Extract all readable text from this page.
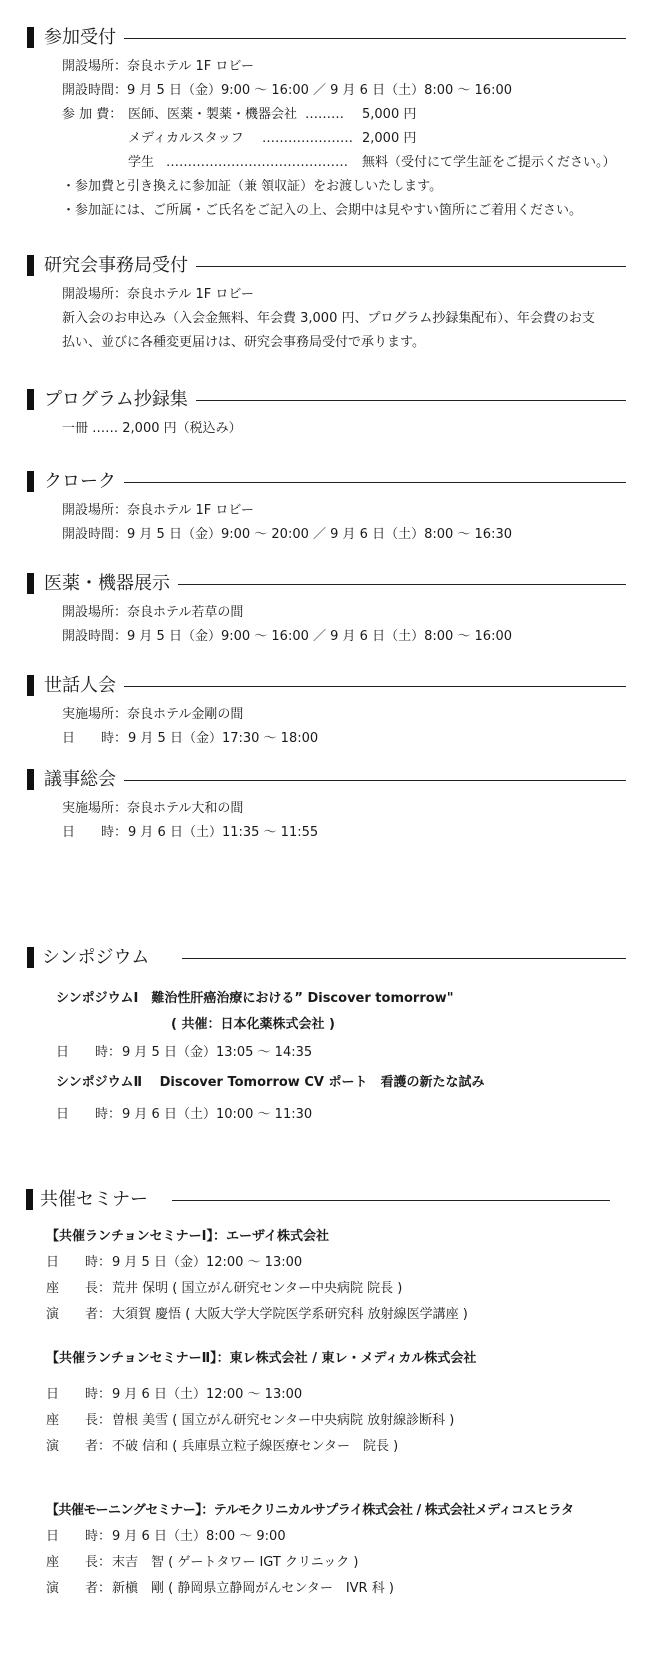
参加受付
開設場所：奈良ホテル 1F ロビー
開設時間：9 月 5 日（金）9:00 ～ 16:00 ／ 9 月 6 日（土）8:00 ～ 16:00
参 加 費： 医師、医薬・製薬・機器会社 ……… 5,000 円
メディカルスタッフ ………………… 2,000 円
学生 …………………………………… 無料（受付にて学生証をご提示ください。）
・参加費と引き換えに参加証（兼 領収証）をお渡しいたします。
・参加証には、ご所属・ご氏名をご記入の上、会期中は見やすい箇所にご着用ください。
研究会事務局受付
開設場所：奈良ホテル 1F ロビー
新入会のお申込み（入会金無料、年会費 3,000 円、プログラム抄録集配布）、年会費のお支
払い、並びに各種変更届けは、研究会事務局受付で承ります。
プログラム抄録集
一冊 …… 2,000 円（税込み）
クローク
開設場所：奈良ホテル 1F ロビー
開設時間：9 月 5 日（金）9:00 ～ 20:00 ／ 9 月 6 日（土）8:00 ～ 16:30
医薬・機器展示
開設場所：奈良ホテル若草の間
開設時間：9 月 5 日（金）9:00 ～ 16:00 ／ 9 月 6 日（土）8:00 ～ 16:00
世話人会
実施場所：奈良ホテル金剛の間
日　　時： 9 月 5 日（金）17:30 ～ 18:00
議事総会
実施場所：奈良ホテル大和の間
日　　時： 9 月 6 日（土）11:35 ～ 11:55
シンポジウム
シンポジウムⅠ　難治性肝癌治療における” Discover tomorrow"
( 共催：日本化薬株式会社 )
日　　時： 9 月 5 日（金）13:05 ～ 14:35
シンポジウムⅡ　 Discover Tomorrow CV ポート　看護の新たな試み
日　　時： 9 月 6 日（土）10:00 ～ 11:30
共催セミナー
【共催ランチョンセミナーⅠ】：エーザイ株式会社
日　　時： 9 月 5 日（金）12:00 ～ 13:00
座　　長： 荒井 保明 ( 国立がん研究センター中央病院 院長 )
演　　者： 大須賀 慶悟 ( 大阪大学大学院医学系研究科 放射線医学講座 )
【共催ランチョンセミナーⅡ】：東レ株式会社 / 東レ・メディカル株式会社
日　　時： 9 月 6 日（土）12:00 ～ 13:00
座　　長： 曽根 美雪 ( 国立がん研究センター中央病院 放射線診断科 )
演　　者： 不破 信和 ( 兵庫県立粒子線医療センター　院長 )
【共催モーニングセミナー】：テルモクリニカルサプライ株式会社 / 株式会社メディコスヒラタ
日　　時： 9 月 6 日（土）8:00 ～ 9:00
座　　長： 末吉　智 ( ゲートタワー IGT クリニック )
演　　者： 新槇　剛 ( 静岡県立静岡がんセンター　IVR 科 )
